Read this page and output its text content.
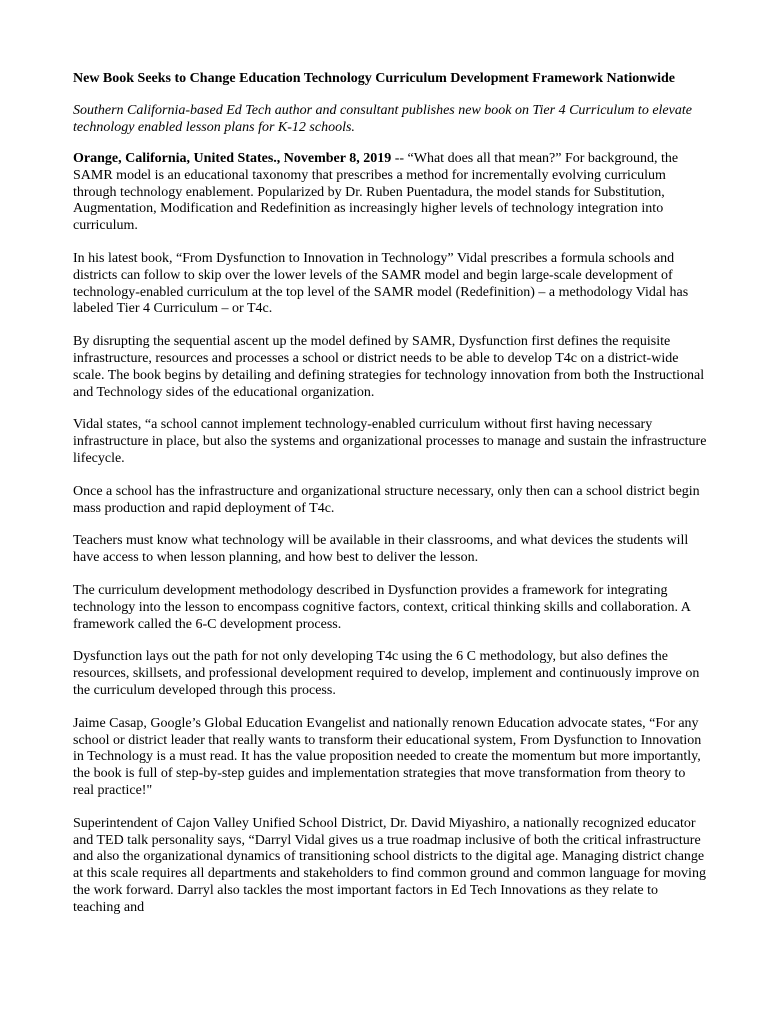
New Book Seeks to Change Education Technology Curriculum Development Framework Nationwide

Southern California-based Ed Tech author and consultant publishes new book on Tier 4 Curriculum to elevate technology enabled lesson plans for K-12 schools.

Orange, California, United States., November 8, 2019 -- “What does all that mean?” For background, the SAMR model is an educational taxonomy that prescribes a method for incrementally evolving curriculum through technology enablement. Popularized by Dr. Ruben Puentadura, the model stands for Substitution, Augmentation, Modification and Redefinition as increasingly higher levels of technology integration into curriculum.

In his latest book, “From Dysfunction to Innovation in Technology” Vidal prescribes a formula schools and districts can follow to skip over the lower levels of the SAMR model and begin large-scale development of technology-enabled curriculum at the top level of the SAMR model (Redefinition) – a methodology Vidal has labeled Tier 4 Curriculum – or T4c.

By disrupting the sequential ascent up the model defined by SAMR, Dysfunction first defines the requisite infrastructure, resources and processes a school or district needs to be able to develop T4c on a district-wide scale. The book begins by detailing and defining strategies for technology innovation from both the Instructional and Technology sides of the educational organization.

Vidal states, “a school cannot implement technology-enabled curriculum without first having necessary infrastructure in place, but also the systems and organizational processes to manage and sustain the infrastructure lifecycle.

Once a school has the infrastructure and organizational structure necessary, only then can a school district begin mass production and rapid deployment of T4c.

Teachers must know what technology will be available in their classrooms, and what devices the students will have access to when lesson planning, and how best to deliver the lesson.

The curriculum development methodology described in Dysfunction provides a framework for integrating technology into the lesson to encompass cognitive factors, context, critical thinking skills and collaboration. A framework called the 6-C development process.

Dysfunction lays out the path for not only developing T4c using the 6 C methodology, but also defines the resources, skillsets, and professional development required to develop, implement and continuously improve on the curriculum developed through this process.

Jaime Casap, Google’s Global Education Evangelist and nationally renown Education advocate states, “For any school or district leader that really wants to transform their educational system, From Dysfunction to Innovation in Technology is a must read. It has the value proposition needed to create the momentum but more importantly, the book is full of step-by-step guides and implementation strategies that move transformation from theory to real practice!"

Superintendent of Cajon Valley Unified School District, Dr. David Miyashiro, a nationally recognized educator and TED talk personality says, “Darryl Vidal gives us a true roadmap inclusive of both the critical infrastructure and also the organizational dynamics of transitioning school districts to the digital age. Managing district change at this scale requires all departments and stakeholders to find common ground and common language for moving the work forward. Darryl also tackles the most important factors in Ed Tech Innovations as they relate to teaching and
